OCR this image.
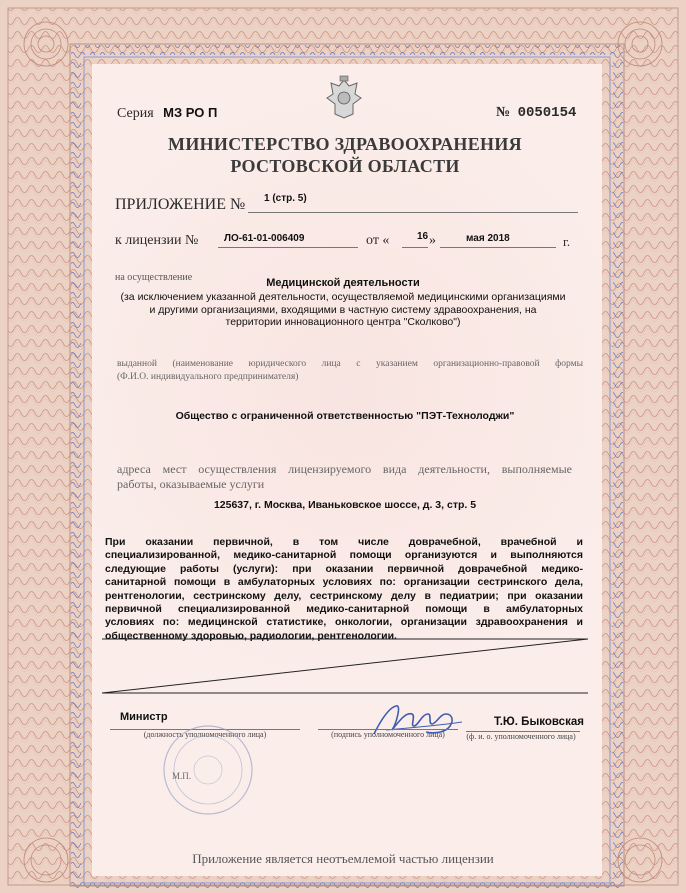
Серия МЗ РО П	№ 0050154
МИНИСТЕРСТВО ЗДРАВООХРАНЕНИЯ
РОСТОВСКОЙ ОБЛАСТИ
ПРИЛОЖЕНИЕ № 1 (стр. 5)
к лицензии №	ЛО-61-01-006409	от «	16 »	мая 2018	г.
на осуществление	Медицинской деятельности
(за исключением указанной деятельности, осуществляемой медицинскими организациями
и другими организациями, входящими в частную систему здравоохранения, на
территории инновационного центра "Сколково")
выданной (наименование юридического лица с указанием организационно-правовой формы
(Ф.И.О. индивидуального предпринимателя)
Общество с ограниченной ответственностью "ПЭТ-Технолоджи"
адреса мест осуществления лицензируемого вида деятельности, выполняемые
работы, оказываемые услуги
125637, г. Москва, Иваньковское шоссе, д. 3, стр. 5
При оказании первичной, в том числе доврачебной, врачебной и
специализированной, медико-санитарной помощи организуются и выполняются
следующие работы (услуги): при оказании первичной доврачебной медико-
санитарной помощи в амбулаторных условиях по: организации сестринского дела,
рентгенологии, сестринскому делу, сестринскому делу в педиатрии; при оказании
первичной специализированной медико-санитарной помощи в амбулаторных
условиях по: медицинской статистике, онкологии, организации здравоохранения и
общественному здоровью, радиологии, рентгенологии.
Министр
(должность уполномоченного лица)	(подпись уполномоченного лица)
Т.Ю. Быковская
(ф. и. о. уполномоченного лица)
М.П.
Приложение является неотъемлемой частью лицензии
